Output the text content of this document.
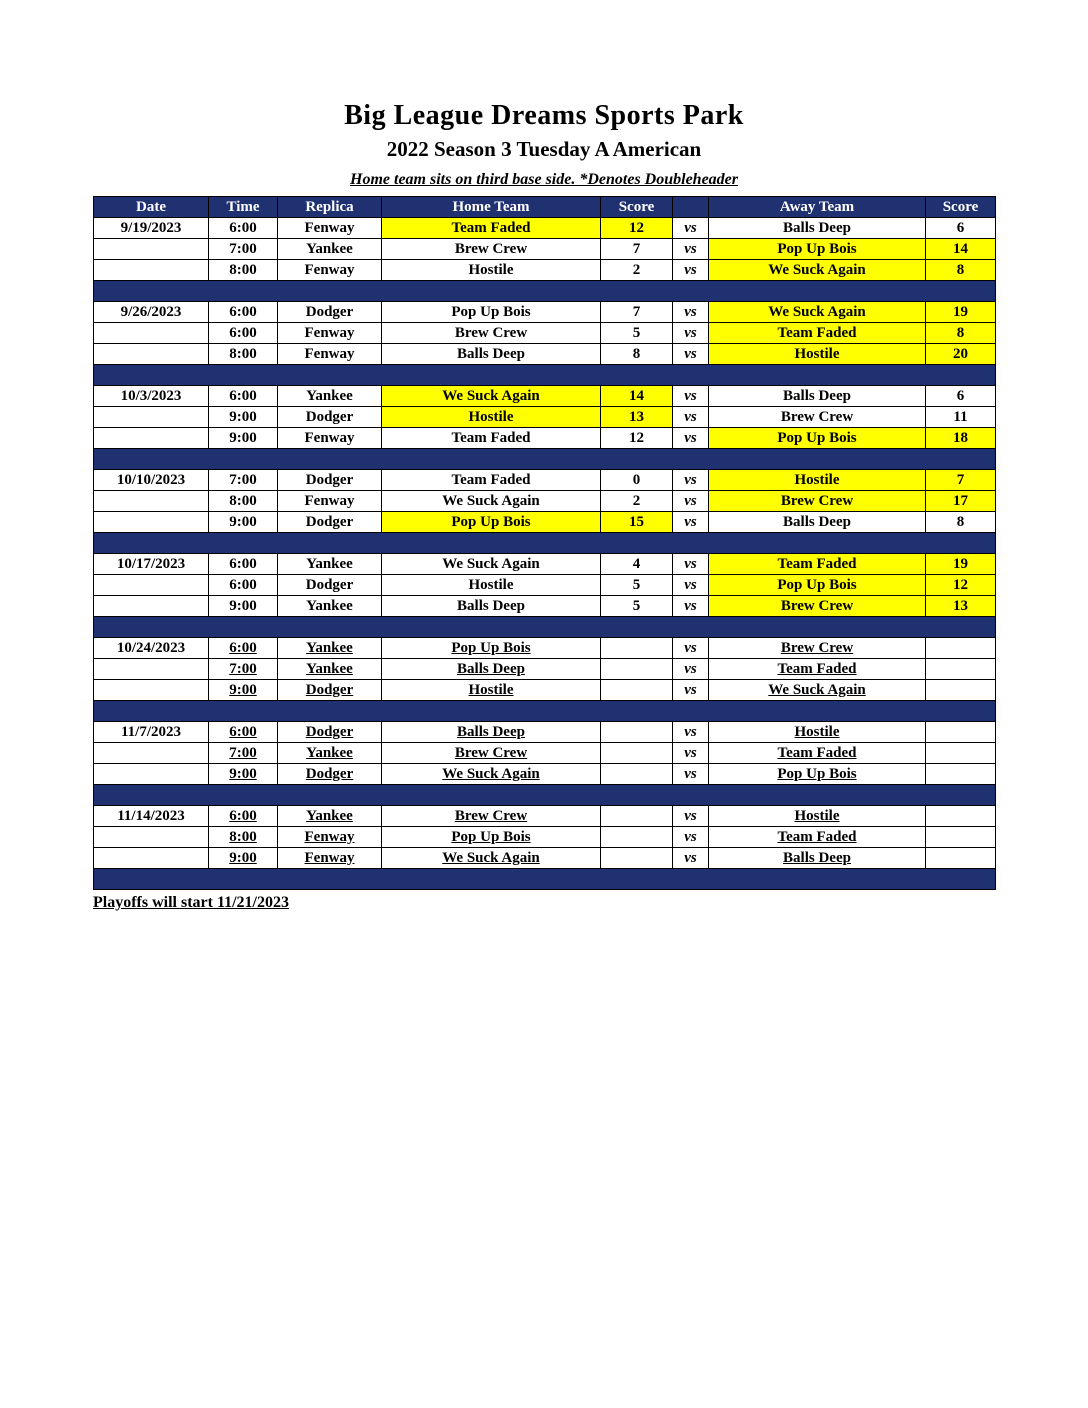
Big League Dreams Sports Park
2022 Season 3 Tuesday A American
Home team sits on third base side. *Denotes Doubleheader
Date	Time	Replica	Home Team	Score		Away Team	Score
9/19/2023	6:00	Fenway	Team Faded	12	vs	Balls Deep	6
	7:00	Yankee	Brew Crew	7	vs	Pop Up Bois	14
	8:00	Fenway	Hostile	2	vs	We Suck Again	8

9/26/2023	6:00	Dodger	Pop Up Bois	7	vs	We Suck Again	19
	6:00	Fenway	Brew Crew	5	vs	Team Faded	8
	8:00	Fenway	Balls Deep	8	vs	Hostile	20

10/3/2023	6:00	Yankee	We Suck Again	14	vs	Balls Deep	6
	9:00	Dodger	Hostile	13	vs	Brew Crew	11
	9:00	Fenway	Team Faded	12	vs	Pop Up Bois	18

10/10/2023	7:00	Dodger	Team Faded	0	vs	Hostile	7
	8:00	Fenway	We Suck Again	2	vs	Brew Crew	17
	9:00	Dodger	Pop Up Bois	15	vs	Balls Deep	8

10/17/2023	6:00	Yankee	We Suck Again	4	vs	Team Faded	19
	6:00	Dodger	Hostile	5	vs	Pop Up Bois	12
	9:00	Yankee	Balls Deep	5	vs	Brew Crew	13

10/24/2023	6:00	Yankee	Pop Up Bois		vs	Brew Crew	
	7:00	Yankee	Balls Deep		vs	Team Faded	
	9:00	Dodger	Hostile		vs	We Suck Again	

11/7/2023	6:00	Dodger	Balls Deep		vs	Hostile	
	7:00	Yankee	Brew Crew		vs	Team Faded	
	9:00	Dodger	We Suck Again		vs	Pop Up Bois	

11/14/2023	6:00	Yankee	Brew Crew		vs	Hostile	
	8:00	Fenway	Pop Up Bois		vs	Team Faded	
	9:00	Fenway	We Suck Again		vs	Balls Deep	

Playoffs will start 11/21/2023
